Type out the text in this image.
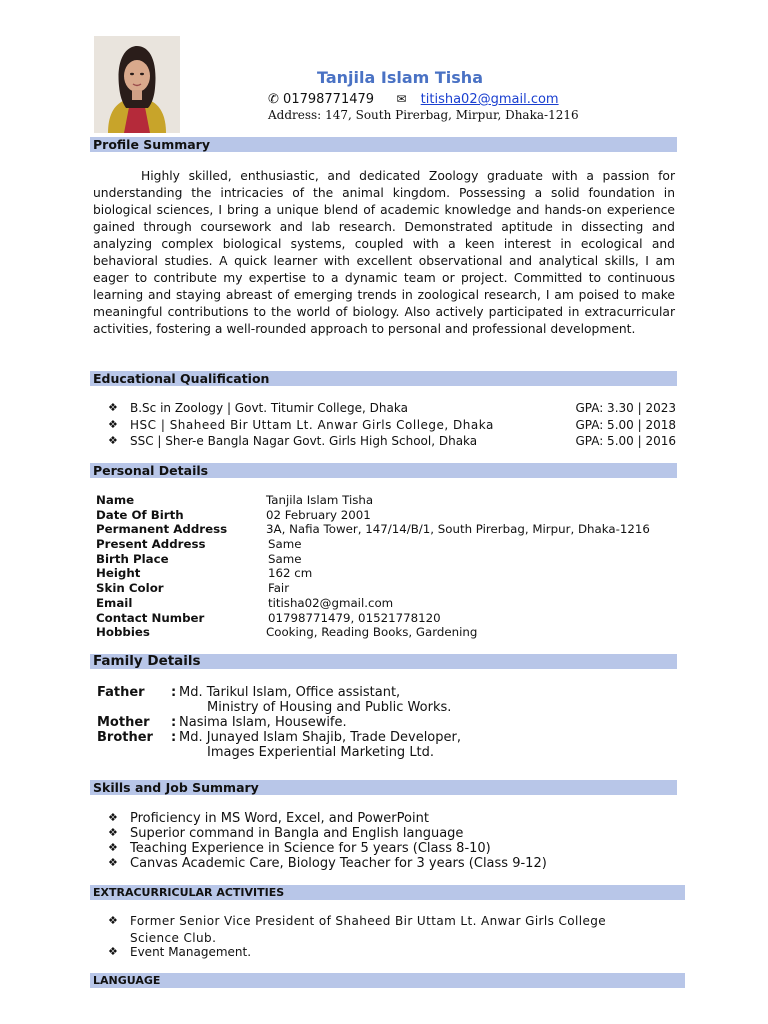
Tanjila Islam Tisha
✆ 01798771479 ✉ titisha02@gmail.com
Address: 147, South Pirerbag, Mirpur, Dhaka-1216
Profile Summary
Highly skilled, enthusiastic, and dedicated Zoology graduate with a passion for understanding the intricacies of the animal kingdom. Possessing a solid foundation in biological sciences, I bring a unique blend of academic knowledge and hands-on experience gained through coursework and lab research. Demonstrated aptitude in dissecting and analyzing complex biological systems, coupled with a keen interest in ecological and behavioral studies. A quick learner with excellent observational and analytical skills, I am eager to contribute my expertise to a dynamic team or project. Committed to continuous learning and staying abreast of emerging trends in zoological research, I am poised to make meaningful contributions to the world of biology. Also actively participated in extracurricular activities, fostering a well-rounded approach to personal and professional development.
Educational Qualification
❖ B.Sc in Zoology | Govt. Titumir College, Dhaka	GPA: 3.30 | 2023
❖ HSC | Shaheed Bir Uttam Lt. Anwar Girls College, Dhaka	GPA: 5.00 | 2018
❖ SSC | Sher-e Bangla Nagar Govt. Girls High School, Dhaka	GPA: 5.00 | 2016
Personal Details
Name	Tanjila Islam Tisha
Date Of Birth	02 February 2001
Permanent Address	3A, Nafia Tower, 147/14/B/1, South Pirerbag, Mirpur, Dhaka-1216
Present Address	Same
Birth Place	Same
Height	162 cm
Skin Color	Fair
Email	titisha02@gmail.com
Contact Number	01798771479, 01521778120
Hobbies	Cooking, Reading Books, Gardening
Family Details
Father : Md. Tarikul Islam, Office assistant,
Ministry of Housing and Public Works.
Mother : Nasima Islam, Housewife.
Brother : Md. Junayed Islam Shajib, Trade Developer,
Images Experiential Marketing Ltd.
Skills and Job Summary
❖ Proficiency in MS Word, Excel, and PowerPoint
❖ Superior command in Bangla and English language
❖ Teaching Experience in Science for 5 years (Class 8-10)
❖ Canvas Academic Care, Biology Teacher for 3 years (Class 9-12)
EXTRACURRICULAR ACTIVITIES
❖ Former Senior Vice President of Shaheed Bir Uttam Lt. Anwar Girls College
Science Club.
❖ Event Management.
LANGUAGE
